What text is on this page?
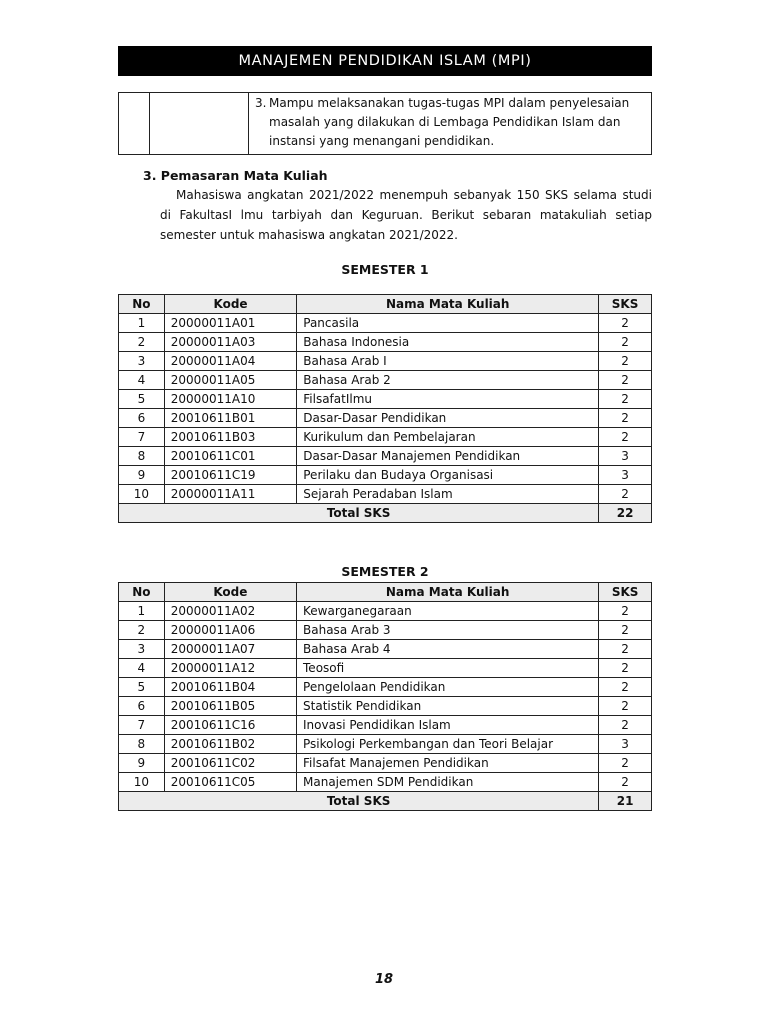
MANAJEMEN PENDIDIKAN ISLAM (MPI)

3. Mampu melaksanakan tugas-tugas MPI dalam penyelesaian
masalah yang dilakukan di Lembaga Pendidikan Islam dan
instansi yang menangani pendidikan.
3. Pemasaran Mata Kuliah
Mahasiswa angkatan 2021/2022 menempuh sebanyak 150 SKS selama studi di FakultasI lmu tarbiyah dan Keguruan. Berikut sebaran matakuliah setiap semester untuk mahasiswa angkatan 2021/2022.
SEMESTER 1
No	Kode	Nama Mata Kuliah	SKS
1	20000011A01	Pancasila	2
2	20000011A03	Bahasa Indonesia	2
3	20000011A04	Bahasa Arab I	2
4	20000011A05	Bahasa Arab 2	2
5	20000011A10	FilsafatIlmu	2
6	20010611B01	Dasar-Dasar Pendidikan	2
7	20010611B03	Kurikulum dan Pembelajaran	2
8	20010611C01	Dasar-Dasar Manajemen Pendidikan	3
9	20010611C19	Perilaku dan Budaya Organisasi	3
10	20000011A11	Sejarah Peradaban Islam	2
Total SKS			22
SEMESTER 2
No	Kode	Nama Mata Kuliah	SKS
1	20000011A02	Kewarganegaraan	2
2	20000011A06	Bahasa Arab 3	2
3	20000011A07	Bahasa Arab 4	2
4	20000011A12	Teosofi	2
5	20010611B04	Pengelolaan Pendidikan	2
6	20010611B05	Statistik Pendidikan	2
7	20010611C16	Inovasi Pendidikan Islam	2
8	20010611B02	Psikologi Perkembangan dan Teori Belajar	3
9	20010611C02	Filsafat Manajemen Pendidikan	2
10	20010611C05	Manajemen SDM Pendidikan	2
Total SKS			21
18
